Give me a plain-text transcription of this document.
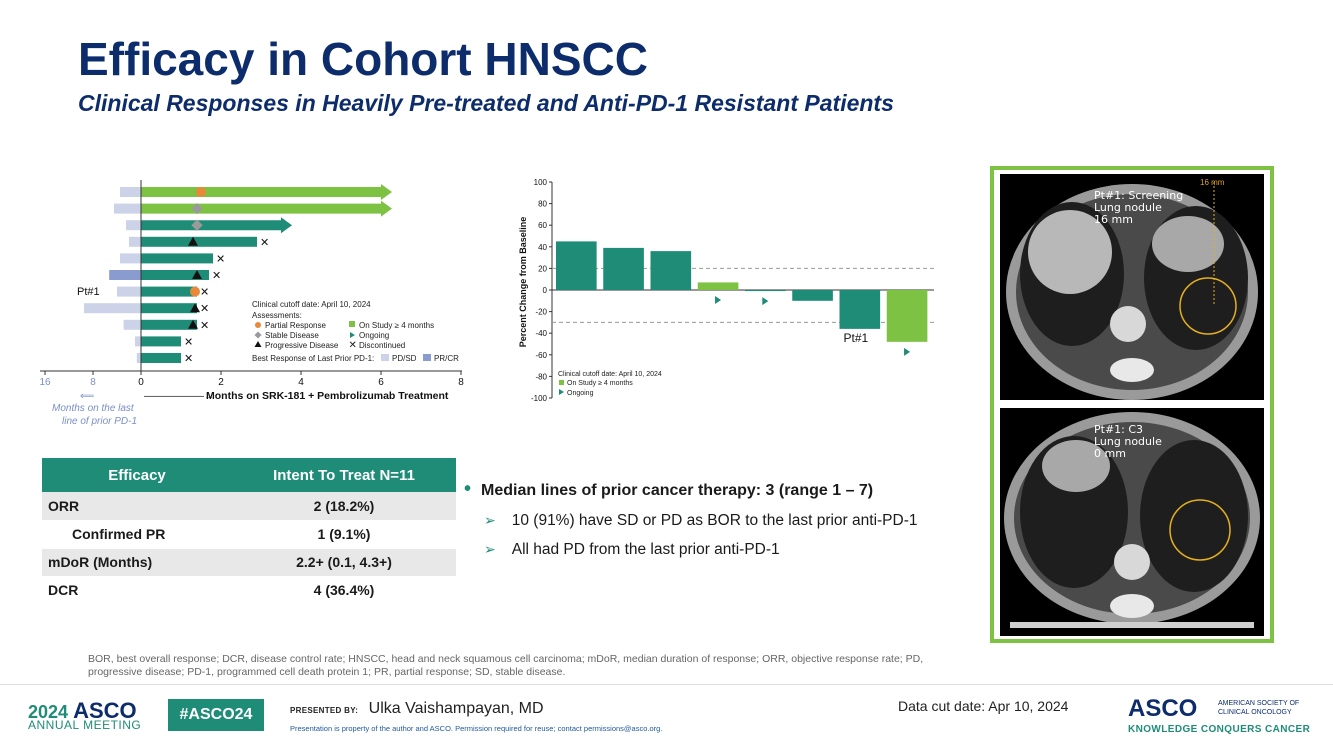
Efficacy in Cohort HNSCC
Clinical Responses in Heavily Pre-treated and Anti-PD-1 Resistant Patients
✕
✕
✕
✕
✕
✕
✕
✕
16	8	0	2	4	6	8
Pt#1
Months on SRK-181 + Pembrolizumab Treatment
——————→
⟸
Months on the last
line of prior PD-1
Clinical cutoff date: April 10, 2024
Assessments:
Partial Response
Stable Disease
Progressive Disease
On Study ≥ 4 months
Ongoing
✕ Discontinued
Best Response of Last Prior PD-1: PD/SD PR/CR
Percent Change from Baseline
100
80
60
40
20
0
-20
-40
-60
-80
-100
Pt#1
Clinical cutoff date: April 10, 2024
On Study ≥ 4 months
Ongoing
Pt#1: Screening
Lung nodule
16 mm
16 mm
Pt#1: C3
Lung nodule
0 mm
Efficacy	Intent To Treat N=11
ORR	2 (18.2%)
Confirmed PR	1 (9.1%)
mDoR (Months)	2.2+ (0.1, 4.3+)
DCR	4 (36.4%)
• Median lines of prior cancer therapy: 3 (range 1 – 7)
➢ 10 (91%) have SD or PD as BOR to the last prior anti-PD-1
➢ All had PD from the last prior anti-PD-1
BOR, best overall response; DCR, disease control rate; HNSCC, head and neck squamous cell carcinoma; mDoR, median duration of response; ORR, objective response rate; PD, progressive disease; PD-1, programmed cell death protein 1; PR, partial response; SD, stable disease.
2024 ASCO
ANNUAL MEETING
#ASCO24	PRESENTED BY: Ulka Vaishampayan, MD
Presentation is property of the author and ASCO. Permission required for reuse; contact permissions@asco.org.
Data cut date: Apr 10, 2024 ASCO	AMERICAN SOCIETY OF
CLINICAL ONCOLOGY
KNOWLEDGE CONQUERS CANCER
